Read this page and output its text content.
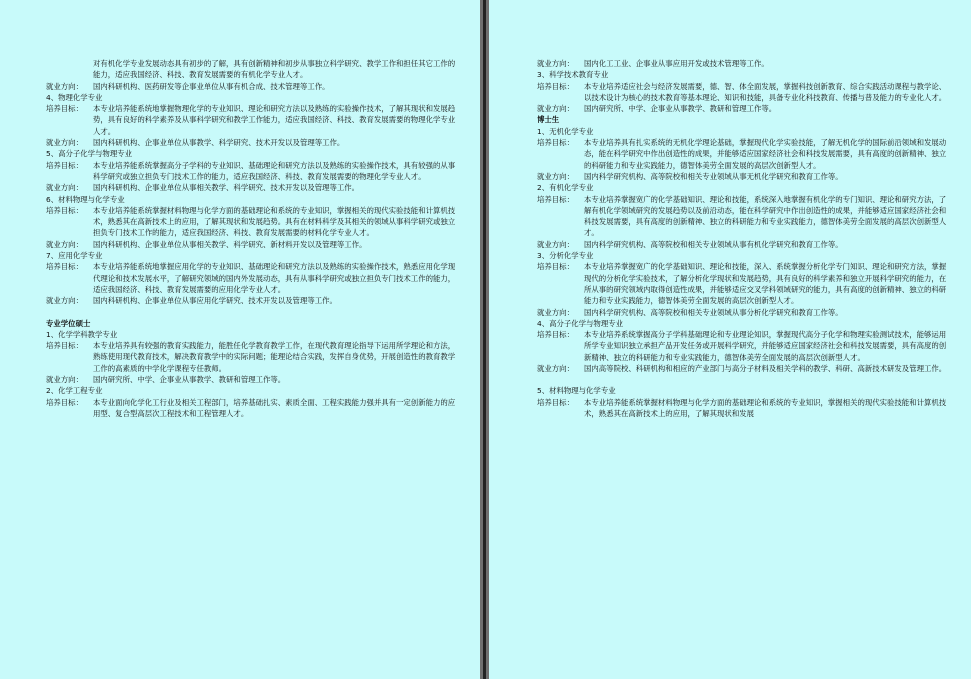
对有机化学专业发展动态具有初步的了解，具有创新精神和初步从事独立科学研究、教学工作和担任其它工作的能力，适应我国经济、科技、教育发展需要的有机化学专业人才。
就业方向：	国内科研机构、医药研发等企事业单位从事有机合成、技术管理等工作。
4、物理化学专业
培养目标：	本专业培养能系统地掌握物理化学的专业知识、理论和研究方法以及熟练的实验操作技术，了解其现状和发展趋势，具有良好的科学素养及从事科学研究和教学工作能力，适应我国经济、科技、教育发展需要的物理化学专业人才。
就业方向：	国内科研机构、企事业单位从事教学、科学研究、技术开发以及管理等工作。
5、高分子化学与物理专业
培养目标：	本专业培养能系统掌握高分子学科的专业知识、基础理论和研究方法以及熟练的实验操作技术，具有较强的从事科学研究或独立担负专门技术工作的能力，适应我国经济、科技、教育发展需要的物理化学专业人才。
就业方向：	国内科研机构、企事业单位从事相关教学、科学研究、技术开发以及管理等工作。
6、材料物理与化学专业
培养目标：	本专业培养能系统掌握材料物理与化学方面的基础理论和系统的专业知识，掌握相关的现代实验技能和计算机技术，熟悉其在高新技术上的应用，了解其现状和发展趋势。具有在材料科学及其相关的领域从事科学研究或独立担负专门技术工作的能力，适应我国经济、科技、教育发展需要的材料化学专业人才。
就业方向：	国内科研机构、企事业单位从事相关教学、科学研究、新材料开发以及管理等工作。
7、应用化学专业
培养目标：	本专业培养能系统地掌握应用化学的专业知识、基础理论和研究方法以及熟练的实验操作技术，熟悉应用化学现代理论和技术发展水平，了解研究领域的国内外发展动态，具有从事科学研究或独立担负专门技术工作的能力，适应我国经济、科技、教育发展需要的应用化学专业人才。
就业方向：	国内科研机构、企事业单位从事应用化学研究、技术开发以及管理等工作。
专业学位硕士
1、化学学科教学专业
培养目标：	本专业培养具有较强的教育实践能力，能胜任化学教育教学工作，在现代教育理论指导下运用所学理论和方法，熟练使用现代教育技术，解决教育教学中的实际问题；能理论结合实践，发挥自身优势，开展创造性的教育教学工作的高素质的中学化学课程专任教师。
就业方向：	国内研究所、中学、企事业从事教学、教研和管理工作等。
2、化学工程专业
培养目标：	本专业面向化学化工行业及相关工程部门，培养基础扎实、素质全面、工程实践能力强并具有一定创新能力的应用型、复合型高层次工程技术和工程管理人才。
就业方向：	国内化工工业、企事业从事应用开发或技术管理等工作。
3、科学技术教育专业
培养目标：	本专业培养适应社会与经济发展需要，德、智、体全面发展，掌握科技创新教育、综合实践活动课程与教学论、以技术设计为核心的技术教育等基本理论、知识和技能，具备专业化科技教育、传播与普及能力的专业化人才。
就业方向：	国内研究所、中学、企事业从事教学、教研和管理工作等。
博士生
1、无机化学专业
培养目标：	本专业培养具有扎实系统的无机化学理论基础，掌握现代化学实验技能，了解无机化学的国际前沿领域和发展动态，能在科学研究中作出创造性的成果，并能够适应国家经济社会和科技发展需要，具有高度的创新精神、独立的科研能力和专业实践能力，德智体美劳全面发展的高层次创新型人才。
就业方向：	国内科学研究机构、高等院校和相关专业领域从事无机化学研究和教育工作等。
2、有机化学专业
培养目标：	本专业培养掌握宽广的化学基础知识、理论和技能，系统深入地掌握有机化学的专门知识、理论和研究方法，了解有机化学领域研究的发展趋势以及前沿动态，能在科学研究中作出创造性的成果，并能够适应国家经济社会和科技发展需要，具有高度的创新精神、独立的科研能力和专业实践能力，德智体美劳全面发展的高层次创新型人才。
就业方向：	国内科学研究机构、高等院校和相关专业领域从事有机化学研究和教育工作等。
3、分析化学专业
培养目标：	本专业培养掌握宽广的化学基础知识、理论和技能，深入、系统掌握分析化学专门知识、理论和研究方法，掌握现代的分析化学实验技术，了解分析化学现状和发展趋势，具有良好的科学素养和独立开展科学研究的能力，在所从事的研究领域内取得创造性成果，并能够适应交叉学科领域研究的能力，具有高度的创新精神、独立的科研能力和专业实践能力，德智体美劳全面发展的高层次创新型人才。
就业方向：	国内科学研究机构、高等院校和相关专业领域从事分析化学研究和教育工作等。
4、高分子化学与物理专业
培养目标：	本专业培养系统掌握高分子学科基础理论和专业理论知识，掌握现代高分子化学和物理实验测试技术，能够运用所学专业知识独立承担产品开发任务或开展科学研究，并能够适应国家经济社会和科技发展需要，具有高度的创新精神、独立的科研能力和专业实践能力，德智体美劳全面发展的高层次创新型人才。
就业方向：	国内高等院校、科研机构和相应的产业部门与高分子材料及相关学科的教学、科研、高新技术研发及管理工作。
5、材料物理与化学专业
培养目标：	本专业培养能系统掌握材料物理与化学方面的基础理论和系统的专业知识，掌握相关的现代实验技能和计算机技术，熟悉其在高新技术上的应用，了解其现状和发展
